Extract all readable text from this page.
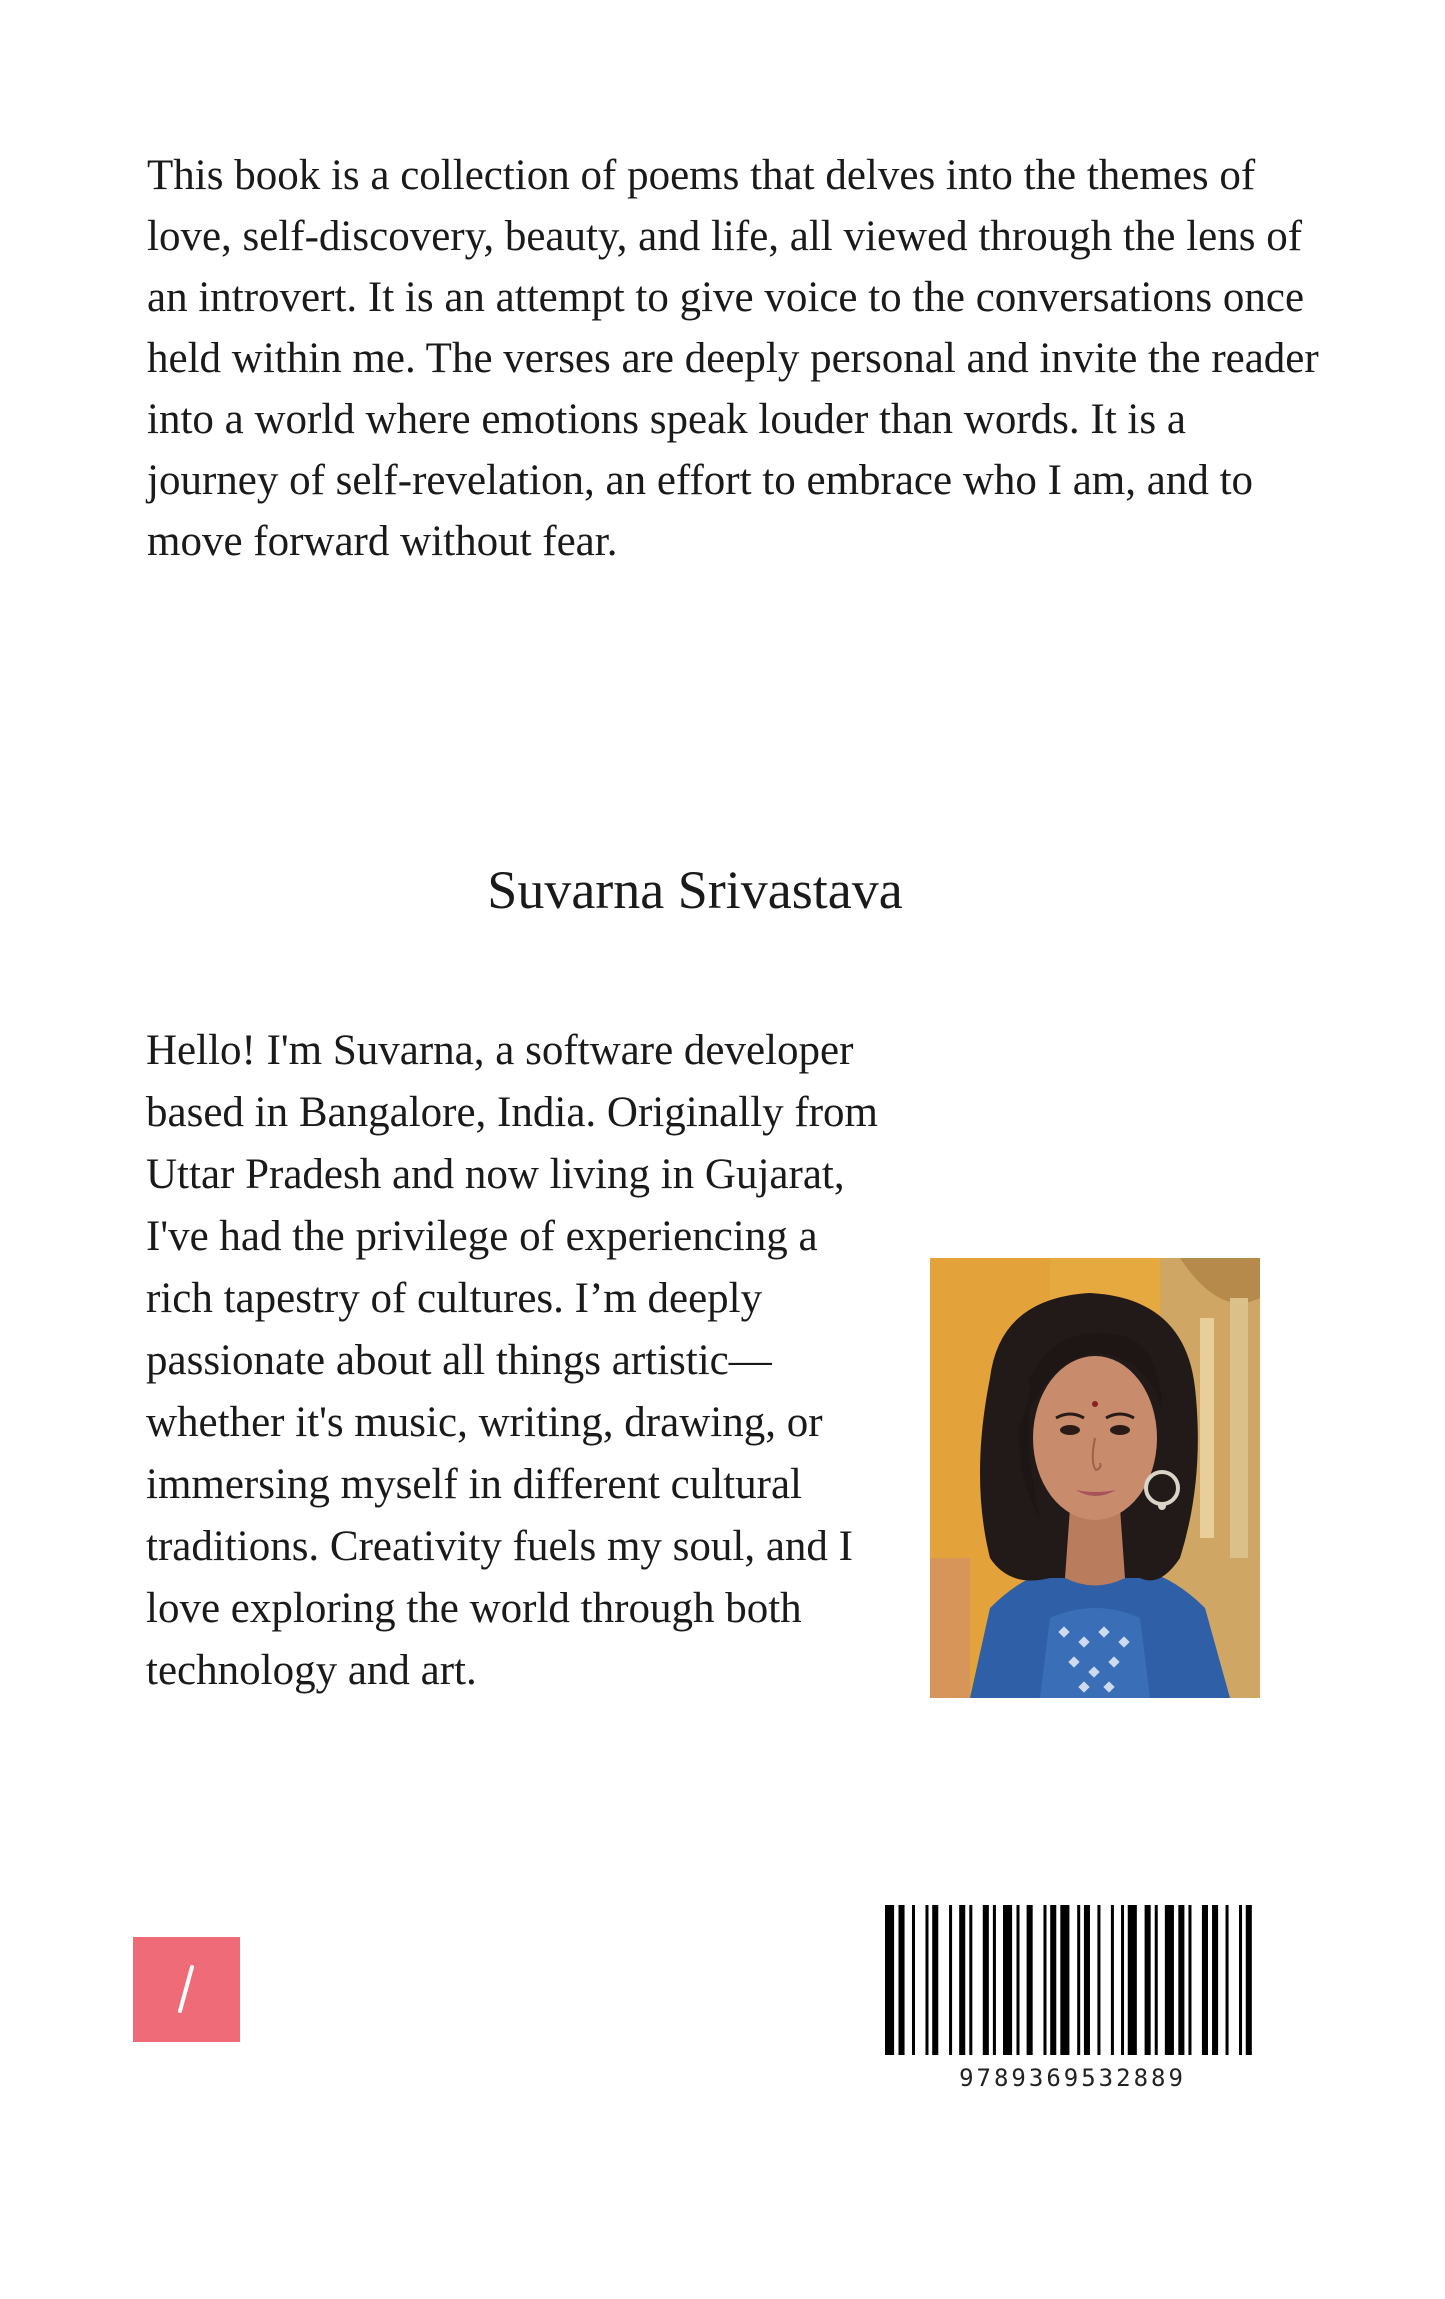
This book is a collection of poems that delves into the themes of love, self-discovery, beauty, and life, all viewed through the lens of an introvert. It is an attempt to give voice to the conversations once held within me. The verses are deeply personal and invite the reader into a world where emotions speak louder than words. It is a journey of self-revelation, an effort to embrace who I am, and to move forward without fear.

Suvarna Srivastava

Hello! I'm Suvarna, a software developer based in Bangalore, India. Originally from Uttar Pradesh and now living in Gujarat, I've had the privilege of experiencing a rich tapestry of cultures. I’m deeply passionate about all things artistic—whether it's music, writing, drawing, or immersing myself in different cultural traditions. Creativity fuels my soul, and I love exploring the world through both technology and art.

9789369532889
